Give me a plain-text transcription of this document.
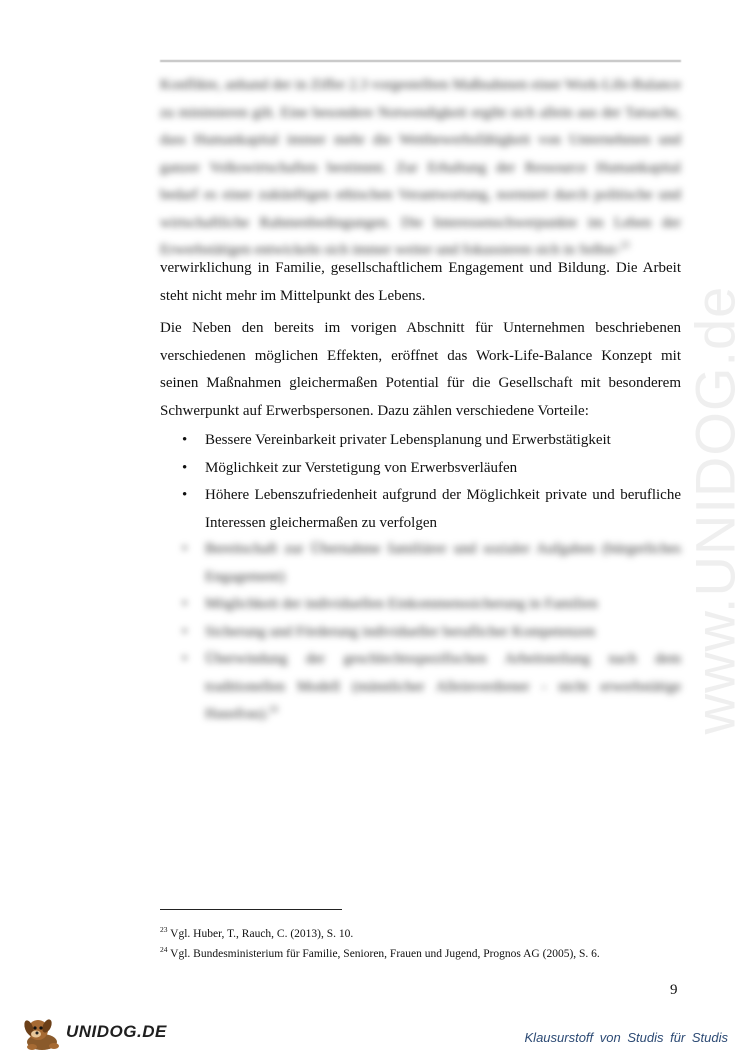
www.UNIDOG.de

Konflikte, anhand der in Ziffer 2.3 vorgestellten Maßnahmen einer Work-Life-Balance zu minimieren gilt. Eine besondere Notwendigkeit ergibt sich allein aus der Tatsache, dass Humankapital immer mehr die Wettbewerbsfähigkeit von Unternehmen und ganzer Volkswirtschaften bestimmt. Zur Erhaltung der Ressource Humankapital bedarf es einer zukünftigen ethischen Verantwortung, normiert durch politische und wirtschaftliche Rahmenbedingungen. Die Interessenschwerpunkte im Leben der Erwerbstätigen entwickeln sich immer weiter und fokussieren sich in Selbst-$^{23}$

verwirklichung in Familie, gesellschaftlichem Engagement und Bildung. Die Arbeit steht nicht mehr im Mittelpunkt des Lebens.

Die Neben den bereits im vorigen Abschnitt für Unternehmen beschriebenen verschiedenen möglichen Effekten, eröffnet das Work-Life-Balance Konzept mit seinen Maßnahmen gleichermaßen Potential für die Gesellschaft mit besonderem Schwerpunkt auf Erwerbspersonen. Dazu zählen verschiedene Vorteile:

• Bessere Vereinbarkeit privater Lebensplanung und Erwerbstätigkeit
• Möglichkeit zur Verstetigung von Erwerbsverläufen
• Höhere Lebenszufriedenheit aufgrund der Möglichkeit private und berufliche Interessen gleichermaßen zu verfolgen
• Bereitschaft zur Übernahme familiärer und sozialer Aufgaben (bürgerliches Engagement)
• Möglichkeit der individuellen Einkommenssicherung in Familien
• Sicherung und Förderung individueller beruflicher Kompetenzen
• Überwindung der geschlechtsspezifischen Arbeitsteilung nach dem traditionellen Modell (männlicher Alleinverdiener - nicht erwerbstätige Hausfrau).$^{24}$

$^{23}$ Vgl. Huber, T., Rauch, C. (2013), S. 10.

$^{24}$ Vgl. Bundesministerium für Familie, Senioren, Frauen und Jugend, Prognos AG (2005), S. 6.

9
UNIDOG.DE	Klausurstoff von Studis für Studis
